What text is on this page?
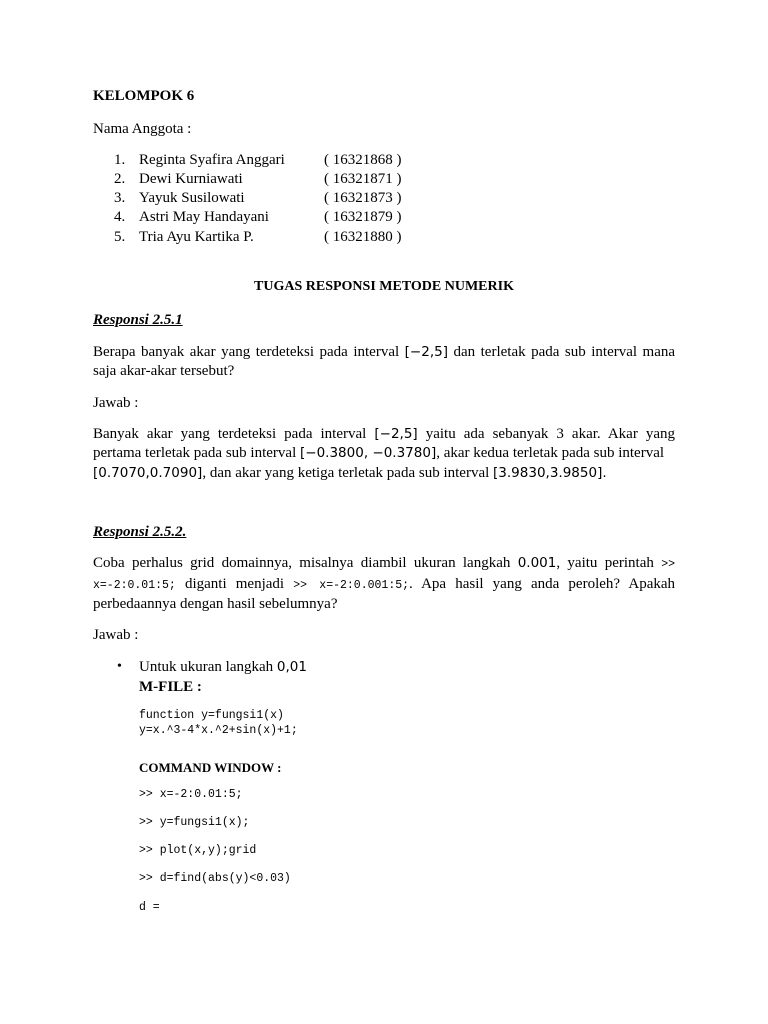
KELOMPOK 6
Nama Anggota :
1. Reginta Syafira Anggari	( 16321868 )
2. Dewi Kurniawati	( 16321871 )
3. Yayuk Susilowati	( 16321873 )
4. Astri May Handayani	( 16321879 )
5. Tria Ayu Kartika P.	( 16321880 )
TUGAS RESPONSI METODE NUMERIK
Responsi 2.5.1
Berapa banyak akar yang terdeteksi pada interval [−2,5] dan terletak pada sub interval mana
saja akar-akar tersebut?
Jawab :
Banyak akar yang terdeteksi pada interval [−2,5] yaitu ada sebanyak 3 akar. Akar yang
pertama terletak pada sub interval [−0.3800, −0.3780], akar kedua terletak pada sub interval
[0.7070,0.7090], dan akar yang ketiga terletak pada sub interval [3.9830,3.9850].
Responsi 2.5.2.
Coba perhalus grid domainnya, misalnya diambil ukuran langkah 0.001, yaitu perintah >>
x=-2:0.01:5; diganti menjadi >> x=-2:0.001:5;. Apa hasil yang anda peroleh? Apakah
perbedaannya dengan hasil sebelumnya?
Jawab :
• Untuk ukuran langkah 0,01
M-FILE :
function y=fungsi1(x)
y=x.^3-4*x.^2+sin(x)+1;
COMMAND WINDOW :
>> x=-2:0.01:5;
>> y=fungsi1(x);
>> plot(x,y);grid
>> d=find(abs(y)<0.03)
d =
